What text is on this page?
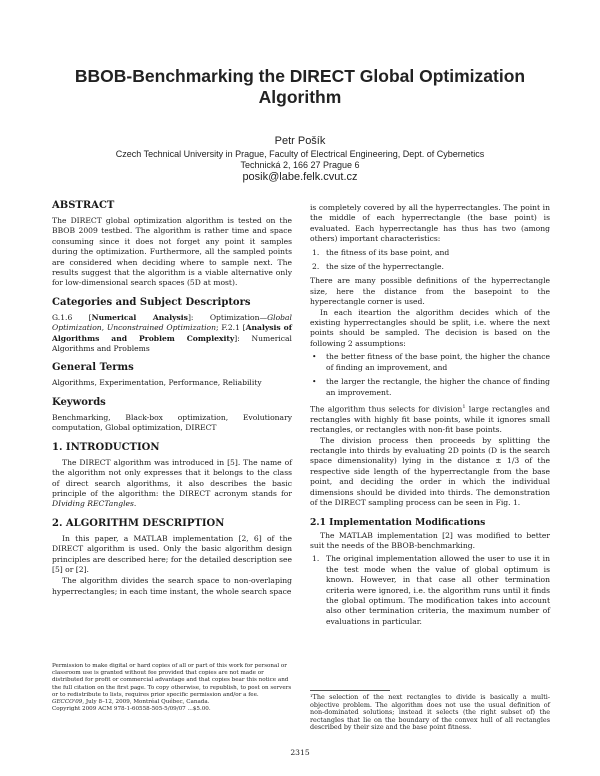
BBOB-Benchmarking the DIRECT Global Optimization Algorithm
Petr Pošík
Czech Technical University in Prague, Faculty of Electrical Engineering, Dept. of Cybernetics
Technická 2, 166 27 Prague 6
posik@labe.felk.cvut.cz
ABSTRACT

The DIRECT global optimization algorithm is tested on the BBOB 2009 testbed. The algorithm is rather time and space consuming since it does not forget any point it samples during the optimization. Furthermore, all the sampled points are considered when deciding where to sample next. The results suggest that the algorithm is a viable alternative only for low-dimensional search spaces (5D at most).

Categories and Subject Descriptors

G.1.6 [Numerical Analysis]: Optimization—Global Optimization, Unconstrained Optimization; F.2.1 [Analysis of Algorithms and Problem Complexity]: Numerical Algorithms and Problems

General Terms

Algorithms, Experimentation, Performance, Reliability

Keywords

Benchmarking, Black-box optimization, Evolutionary computation, Global optimization, DIRECT

1. INTRODUCTION

The DIRECT algorithm was introduced in [5]. The name of the algorithm not only expresses that it belongs to the class of direct search algorithms, it also describes the basic principle of the algorithm: the DIRECT acronym stands for DIviding RECTangles.

2. ALGORITHM DESCRIPTION

In this paper, a MATLAB implementation [2, 6] of the DIRECT algorithm is used. Only the basic algorithm design principles are described here; for the detailed description see [5] or [2].

The algorithm divides the search space to non-overlaping hyperrectangles; in each time instant, the whole search space

Permission to make digital or hard copies of all or part of this work for personal or classroom use is granted without fee provided that copies are not made or distributed for profit or commercial advantage and that copies bear this notice and the full citation on the first page. To copy otherwise, to republish, to post on servers or to redistribute to lists, requires prior specific permission and/or a fee.
GECCO'09, July 8–12, 2009, Montréal Québec, Canada.
Copyright 2009 ACM 978-1-60558-505-5/09/07 ...$5.00.

is completely covered by all the hyperrectangles. The point in the middle of each hyperrectangle (the base point) is evaluated. Each hyperrectangle has thus has two (among others) important characteristics:

1. the fitness of its base point, and
2. the size of the hyperrectangle.

There are many possible definitions of the hyperrectangle size, here the distance from the basepoint to the hyperectangle corner is used.

In each iteartion the algorithm decides which of the existing hyperrectangles should be split, i.e. where the next points should be sampled. The decision is based on the following 2 assumptions:

• the better fitness of the base point, the higher the chance of finding an improvement, and
• the larger the rectangle, the higher the chance of finding an improvement.

The algorithm thus selects for division$^1$ large rectangles and rectangles with highly fit base points, while it ignores small rectangles, or rectangles with non-fit base points.

The division process then proceeds by splitting the rectangle into thirds by evaluating 2D points (D is the search space dimensionality) lying in the distance ± 1/3 of the respective side length of the hyperrectangle from the base point, and deciding the order in which the individual dimensions should be divided into thirds. The demonstration of the DIRECT sampling process can be seen in Fig. 1.

2.1 Implementation Modifications

The MATLAB implementation [2] was modified to better suit the needs of the BBOB-benchmarking.

1. The original implementation allowed the user to use it in the test mode when the value of global optimum is known. However, in that case all other termination criteria were ignored, i.e. the algorithm runs until it finds the global optimum. The modification takes into account also other termination criteria, the maximum number of evaluations in particular.
¹The selection of the next rectangles to divide is basically a multi-objective problem. The algorithm does not use the usual definition of non-dominated solutions; instead it selects (the right subset of) the rectangles that lie on the boundary of the convex hull of all rectangles described by their size and the base point fitness.
2315
